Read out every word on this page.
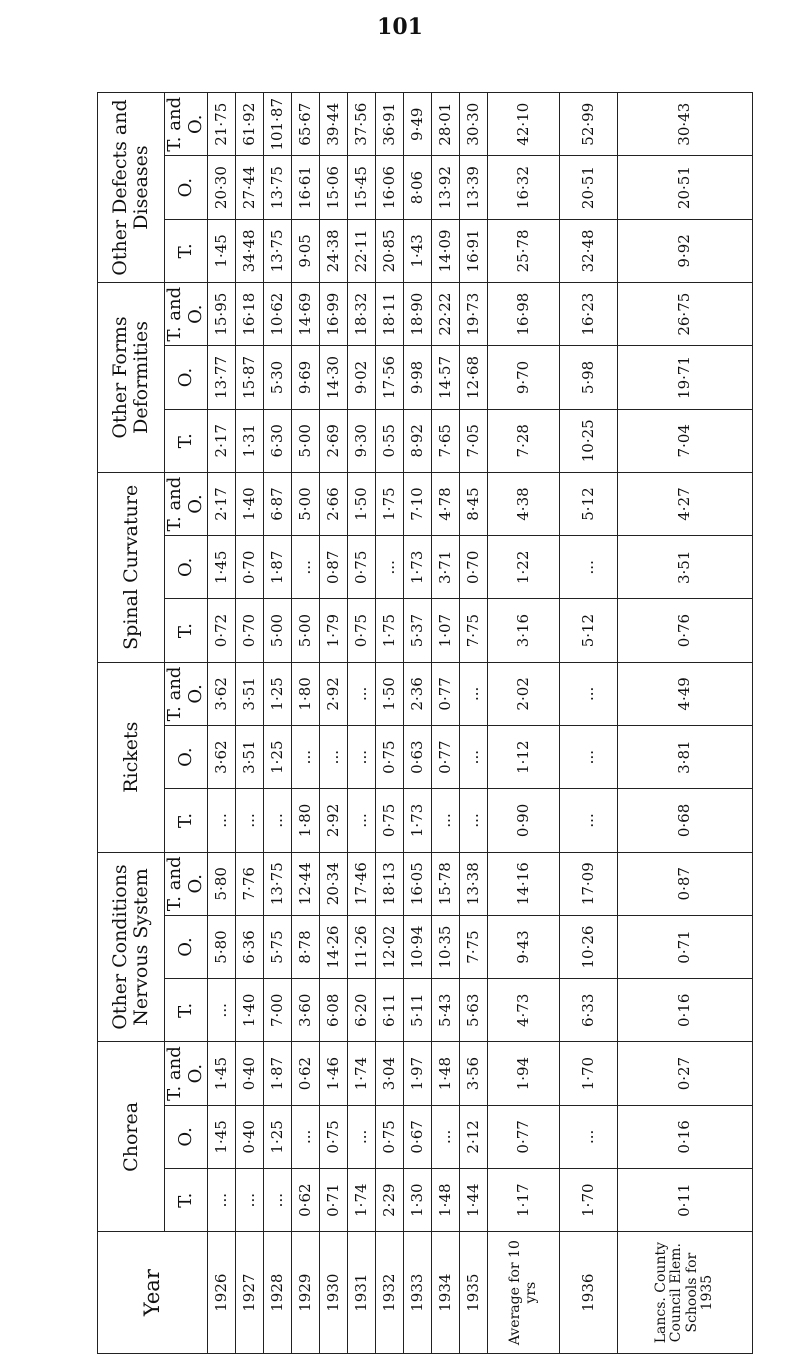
101
Year	Chorea			Other Conditions Nervous System			Rickets			Spinal Curvature			Other Forms Deformities			Other Defects and Diseases		
	T.	O.	T. and O.	T.	O.	T. and O.	T.	O.	T. and O.	T.	O.	T. and O.	T.	O.	T. and O.	T.	O.	T. and O.
1926	...	1·45	1·45	...	5·80	5·80	...	3·62	3·62	0·72	1·45	2·17	2·17	13·77	15·95	1·45	20·30	21·75
1927	...	0·40	0·40	1·40	6·36	7·76	...	3·51	3·51	0·70	0·70	1·40	1·31	15·87	16·18	34·48	27·44	61·92
1928	...	1·25	1·87	7·00	5·75	13·75	...	1·25	1·25	5·00	1·87	6·87	6·30	5·30	10·62	13·75	13·75	101·87
1929	0·62	...	0·62	3·60	8·78	12·44	1·80	...	1·80	5·00	...	5·00	5·00	9·69	14·69	9·05	16·61	65·67
1930	0·71	0·75	1·46	6·08	14·26	20·34	2·92	...	2·92	1·79	0·87	2·66	2·69	14·30	16·99	24·38	15·06	39·44
1931	1·74	...	1·74	6·20	11·26	17·46	...	...	...	0·75	0·75	1·50	9·30	9·02	18·32	22·11	15·45	37·56
1932	2·29	0·75	3·04	6·11	12·02	18·13	0·75	0·75	1·50	1·75	...	1·75	0·55	17·56	18·11	20·85	16·06	36·91
1933	1·30	0·67	1·97	5·11	10·94	16·05	1·73	0·63	2·36	5·37	1·73	7·10	8·92	9·98	18·90	1·43	8·06	9·49
1934	1·48	...	1·48	5·43	10·35	15·78	...	0·77	0·77	1·07	3·71	4·78	7·65	14·57	22·22	14·09	13·92	28·01
1935	1·44	2·12	3·56	5·63	7·75	13·38	...	...	...	7·75	0·70	8·45	7·05	12·68	19·73	16·91	13·39	30·30
Average for 10 yrs	1·17	0·77	1·94	4·73	9·43	14·16	0·90	1·12	2·02	3·16	1·22	4·38	7·28	9·70	16·98	25·78	16·32	42·10
1936	1·70	...	1·70	6·33	10·26	17·09	...	...	...	5·12	...	5·12	10·25	5·98	16·23	32·48	20·51	52·99
Lancs. County Council Elem. Schools for 1935	0·11	0·16	0·27	0·16	0·71	0·87	0·68	3·81	4·49	0·76	3·51	4·27	7·04	19·71	26·75	9·92	20·51	30·43
